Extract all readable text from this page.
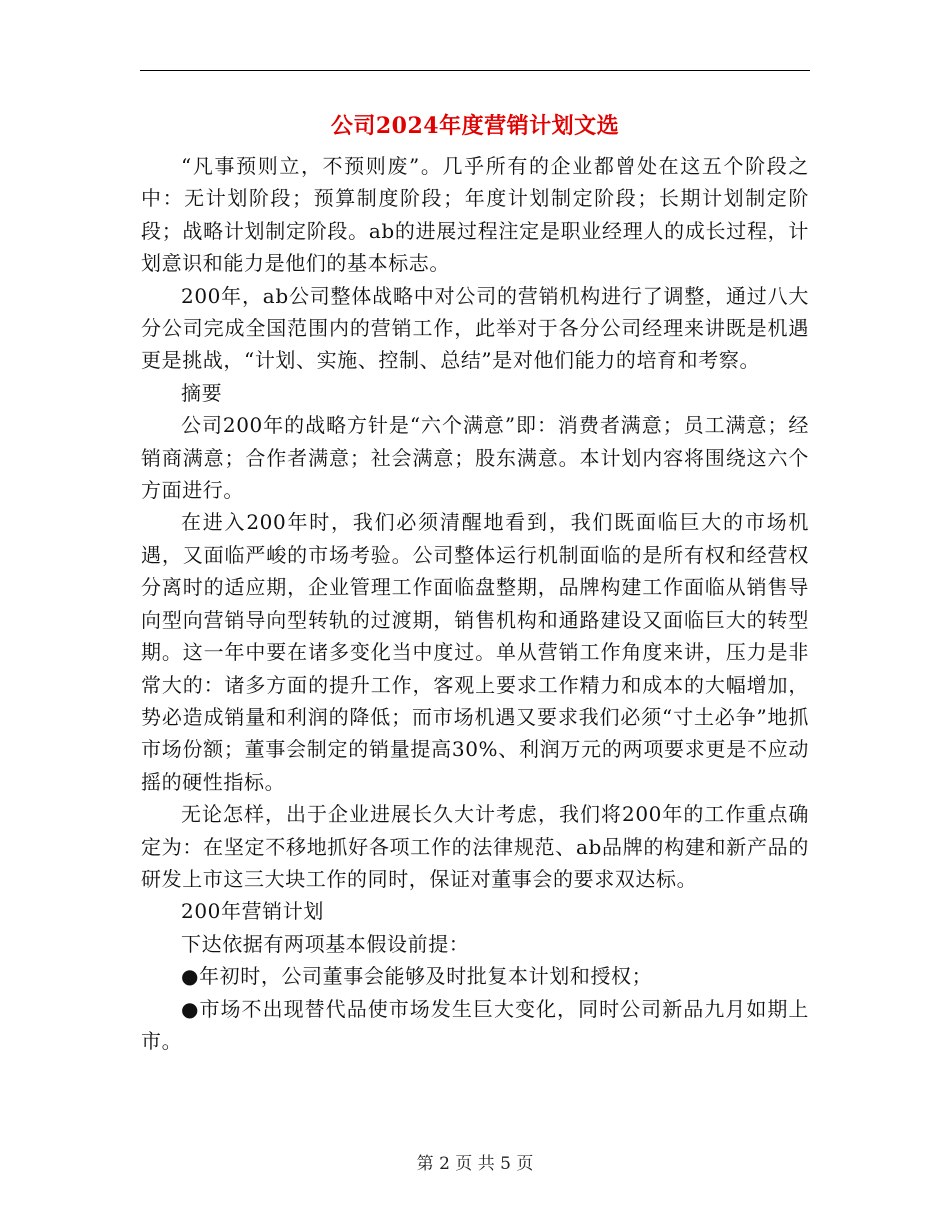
公司2024年度营销计划文选

“凡事预则立，不预则废”。几乎所有的企业都曾处在这五个阶段之中：无计划阶段；预算制度阶段；年度计划制定阶段；长期计划制定阶段；战略计划制定阶段。ab的进展过程注定是职业经理人的成长过程，计划意识和能力是他们的基本标志。

200年，ab公司整体战略中对公司的营销机构进行了调整，通过八大分公司完成全国范围内的营销工作，此举对于各分公司经理来讲既是机遇更是挑战，“计划、实施、控制、总结”是对他们能力的培育和考察。

摘要

公司200年的战略方针是“六个满意”即：消费者满意；员工满意；经销商满意；合作者满意；社会满意；股东满意。本计划内容将围绕这六个方面进行。

在进入200年时，我们必须清醒地看到，我们既面临巨大的市场机遇，又面临严峻的市场考验。公司整体运行机制面临的是所有权和经营权分离时的适应期，企业管理工作面临盘整期，品牌构建工作面临从销售导向型向营销导向型转轨的过渡期，销售机构和通路建设又面临巨大的转型期。这一年中要在诸多变化当中度过。单从营销工作角度来讲，压力是非常大的：诸多方面的提升工作，客观上要求工作精力和成本的大幅增加，势必造成销量和利润的降低；而市场机遇又要求我们必须“寸土必争”地抓市场份额；董事会制定的销量提高30%、利润万元的两项要求更是不应动摇的硬性指标。

无论怎样，出于企业进展长久大计考虑，我们将200年的工作重点确定为：在坚定不移地抓好各项工作的法律规范、ab品牌的构建和新产品的研发上市这三大块工作的同时，保证对董事会的要求双达标。

200年营销计划

下达依据有两项基本假设前提：

●年初时，公司董事会能够及时批复本计划和授权；

●市场不出现替代品使市场发生巨大变化，同时公司新品九月如期上市。

第 2 页 共 5 页
